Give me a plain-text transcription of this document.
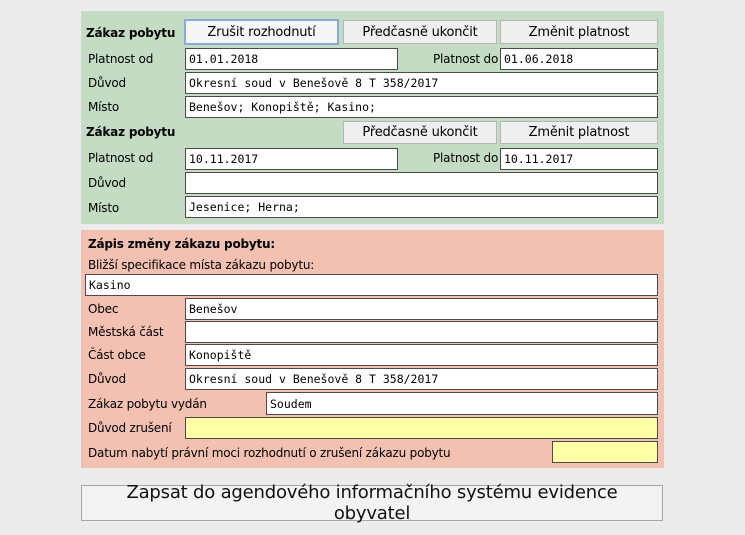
Zákaz pobytu	Zrušit rozhodnutí	Předčasně ukončit	Změnit platnost
Platnost od	01.01.2018	Platnost do 01.06.2018
Důvod	Okresní soud v Benešově 8 T 358/2017
Místo	Benešov; Konopiště; Kasino;
Zákaz pobytu	Předčasně ukončit	Změnit platnost
Platnost od	10.11.2017	Platnost do 10.11.2017
Důvod
Místo	Jesenice; Herna;
Zápis změny zákazu pobytu:
Bližší specifikace místa zákazu pobytu:
Kasino
Obec	Benešov
Městská část
Část obce	Konopiště
Důvod	Okresní soud v Benešově 8 T 358/2017
Zákaz pobytu vydán	Soudem
Důvod zrušení
Datum nabytí právní moci rozhodnutí o zrušení zákazu pobytu
Zapsat do agendového informačního systému evidence obyvatel
